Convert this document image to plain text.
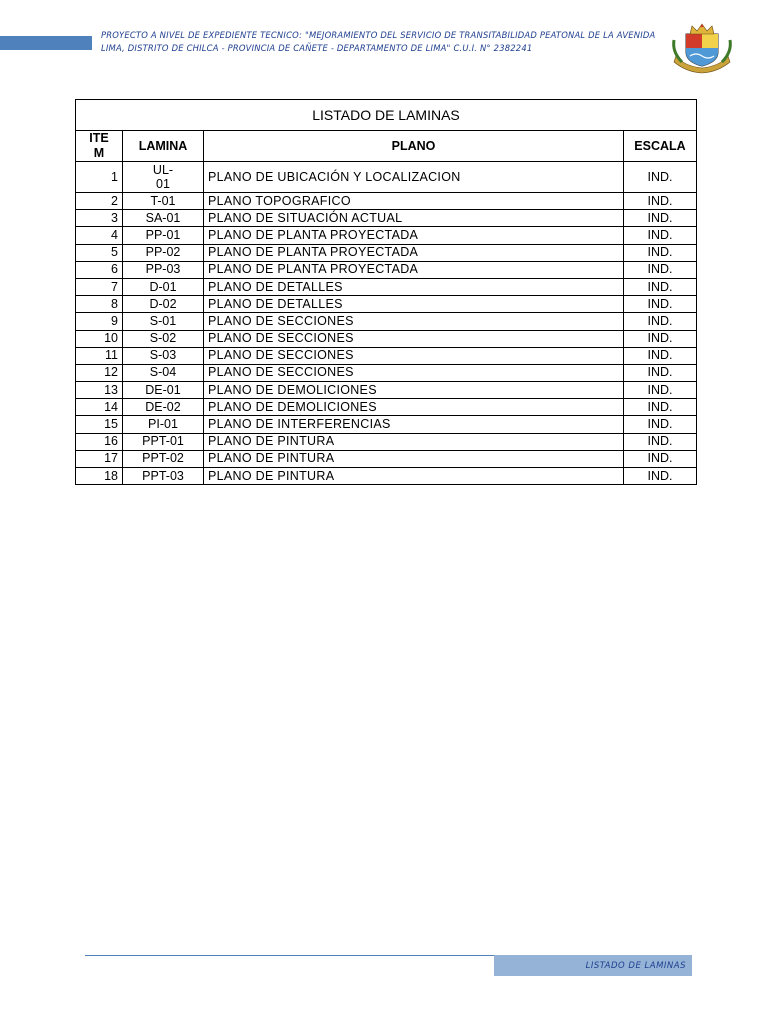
PROYECTO A NIVEL DE EXPEDIENTE TECNICO: "MEJORAMIENTO DEL SERVICIO DE TRANSITABILIDAD PEATONAL DE LA AVENIDA LIMA, DISTRITO DE CHILCA - PROVINCIA DE CAÑETE - DEPARTAMENTO DE LIMA" C.U.I. N° 2382241
LISTADO DE LAMINAS			
ITEM	LAMINA	PLANO	ESCALA
1	UL-01	PLANO DE UBICACIÓN Y LOCALIZACION	IND.
2	T-01	PLANO TOPOGRAFICO	IND.
3	SA-01	PLANO DE SITUACIÓN ACTUAL	IND.
4	PP-01	PLANO DE PLANTA PROYECTADA	IND.
5	PP-02	PLANO DE PLANTA PROYECTADA	IND.
6	PP-03	PLANO DE PLANTA PROYECTADA	IND.
7	D-01	PLANO DE DETALLES	IND.
8	D-02	PLANO DE DETALLES	IND.
9	S-01	PLANO DE SECCIONES	IND.
10	S-02	PLANO DE SECCIONES	IND.
11	S-03	PLANO DE SECCIONES	IND.
12	S-04	PLANO DE SECCIONES	IND.
13	DE-01	PLANO DE DEMOLICIONES	IND.
14	DE-02	PLANO DE DEMOLICIONES	IND.
15	PI-01	PLANO DE INTERFERENCIAS	IND.
16	PPT-01	PLANO DE PINTURA	IND.
17	PPT-02	PLANO DE PINTURA	IND.
18	PPT-03	PLANO DE PINTURA	IND.
LISTADO DE LAMINAS
